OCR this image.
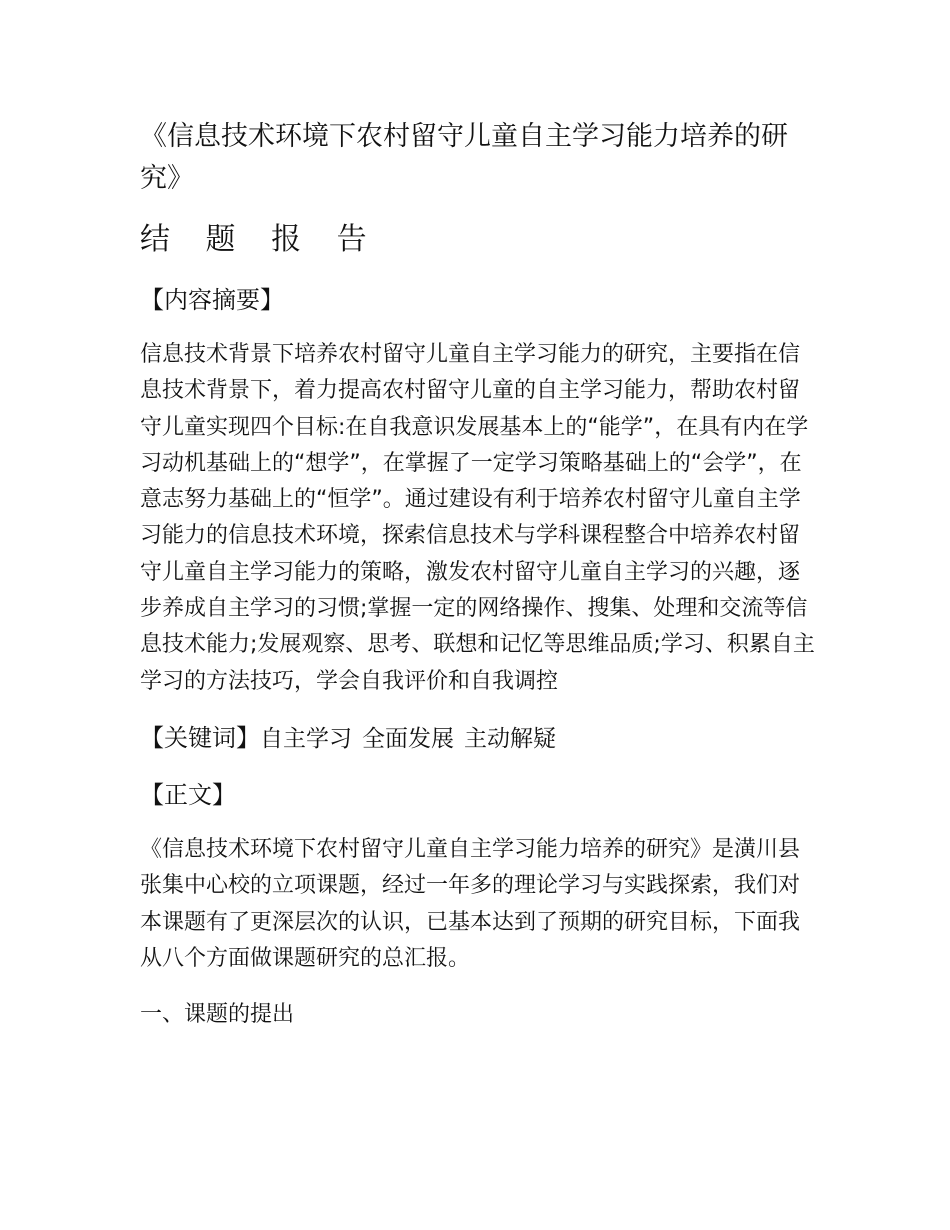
《信息技术环境下农村留守儿童自主学习能力培养的研
究》
结 题 报 告
【内容摘要】

信息技术背景下培养农村留守儿童自主学习能力的研究，主要指在信息技术背景下，着力提高农村留守儿童的自主学习能力，帮助农村留守儿童实现四个目标:在自我意识发展基本上的“能学”，在具有内在学习动机基础上的“想学”，在掌握了一定学习策略基础上的“会学”，在意志努力基础上的“恒学”。通过建设有利于培养农村留守儿童自主学习能力的信息技术环境，探索信息技术与学科课程整合中培养农村留守儿童自主学习能力的策略，激发农村留守儿童自主学习的兴趣，逐步养成自主学习的习惯;掌握一定的网络操作、搜集、处理和交流等信息技术能力;发展观察、思考、联想和记忆等思维品质;学习、积累自主学习的方法技巧，学会自我评价和自我调控

【关键词】自主学习 全面发展 主动解疑
【正文】

《信息技术环境下农村留守儿童自主学习能力培养的研究》是潢川县张集中心校的立项课题，经过一年多的理论学习与实践探索，我们对本课题有了更深层次的认识，已基本达到了预期的研究目标，下面我从八个方面做课题研究的总汇报。

一、课题的提出
